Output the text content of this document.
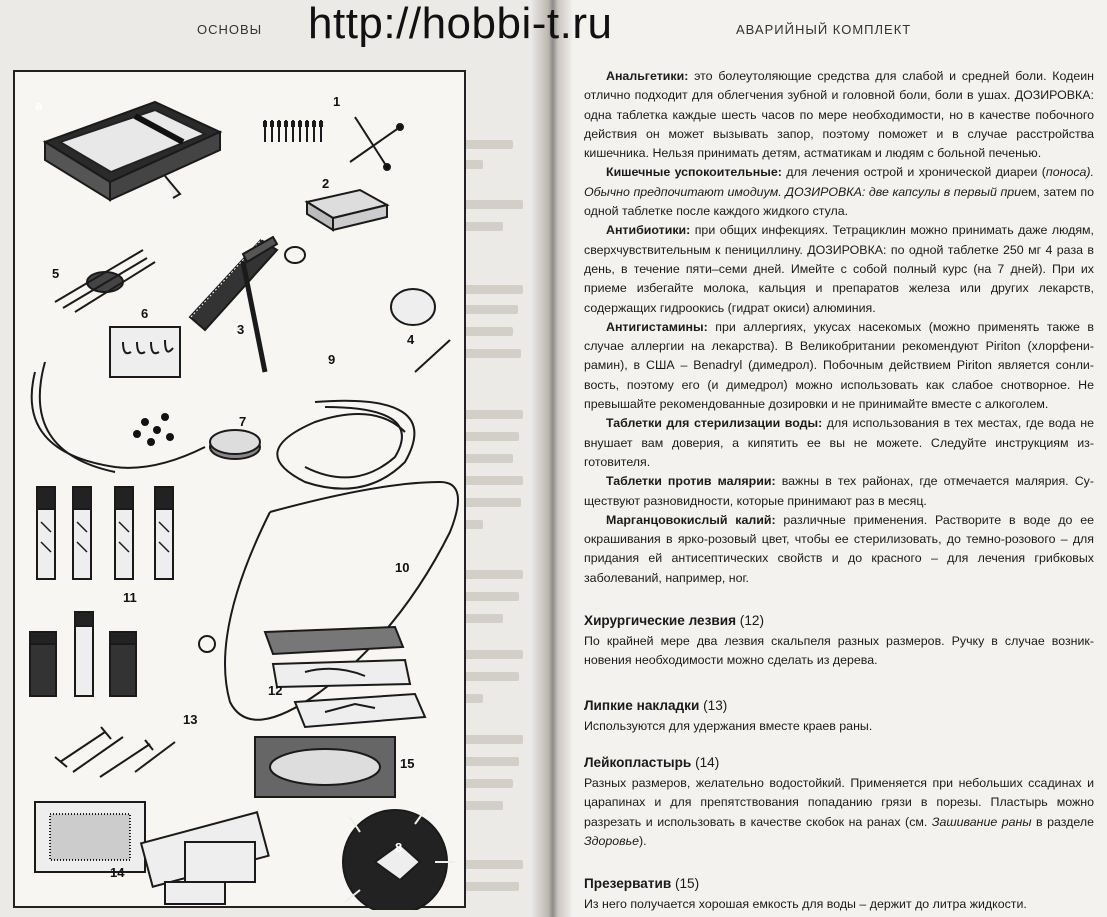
ОСНОВЫ	АВАРИЙНЫЙ КОМПЛЕКТ
http://hobbi-t.ru
a	1
2
3
4
5
6
7
8
9
10
11
12
13
14
15

Анальгетики: это болеутоляющие средства для слабой и средней боли. Кодеин отлично подходит для облегчения зубной и головной боли, боли в ушах. ДОЗИРОВКА: одна таблетка каждые шесть часов по мере необходимости, но в качестве побочного действия он может вызывать запор, поэтому поможет и в случае расстройства кишечника. Нельзя принимать детям, астматикам и людям с больной печенью.

Кишечные успокоительные: для лечения острой и хронической диареи (поноса). Обычно предпочитают имодиум. ДОЗИРОВКА: две капсулы в первый прием, затем по одной таблетке после каждого жидкого стула.

Антибиотики: при общих инфекциях. Тетрациклин можно принимать даже людям, сверхчувствительным к пенициллину. ДОЗИРОВКА: по одной таблетке 250 мг 4 раза в день, в течение пяти–семи дней. Имейте с собой полный курс (на 7 дней). При их приеме избегайте молока, кальция и препаратов железа или других лекарств, содержащих гидроокись (гидрат окиси) алюминия.

Антигистамины: при аллергиях, укусах насекомых (можно применять также в случае аллергии на лекарства). В Великобритании рекомендуют Piriton (хлорфенирамин), в США – Benadryl (димедрол). Побочным действием Piriton является сонливость, поэтому его (и димедрол) можно использовать как слабое снотворное. Не превышайте рекомендованные дозировки и не принимайте вместе с алкоголем.

Таблетки для стерилизации воды: для использования в тех местах, где вода не внушает вам доверия, а кипятить ее вы не можете. Следуйте инструкциям изготовителя.

Таблетки против малярии: важны в тех районах, где отмечается малярия. Существуют разновидности, которые принимают раз в месяц.

Марганцовокислый калий: различные применения. Растворите в воде до ее окрашивания в ярко-розовый цвет, чтобы ее стерилизовать, до темно-розового – для придания ей антисептических свойств и до красного – для лечения грибковых заболеваний, например, ног.

Хирургические лезвия (12)

По крайней мере два лезвия скальпеля разных размеров. Ручку в случае возникновения необходимости можно сделать из дерева.

Липкие накладки (13)

Используются для удержания вместе краев раны.

Лейкопластырь (14)

Разных размеров, желательно водостойкий. Применяется при небольших ссадинах и царапинах и для препятствования попаданию грязи в порезы. Пластырь можно разрезать и использовать в качестве скобок на ранах (см. Зашивание раны в разделе Здоровье).

Презерватив (15)

Из него получается хорошая емкость для воды – держит до литра жидкости.
